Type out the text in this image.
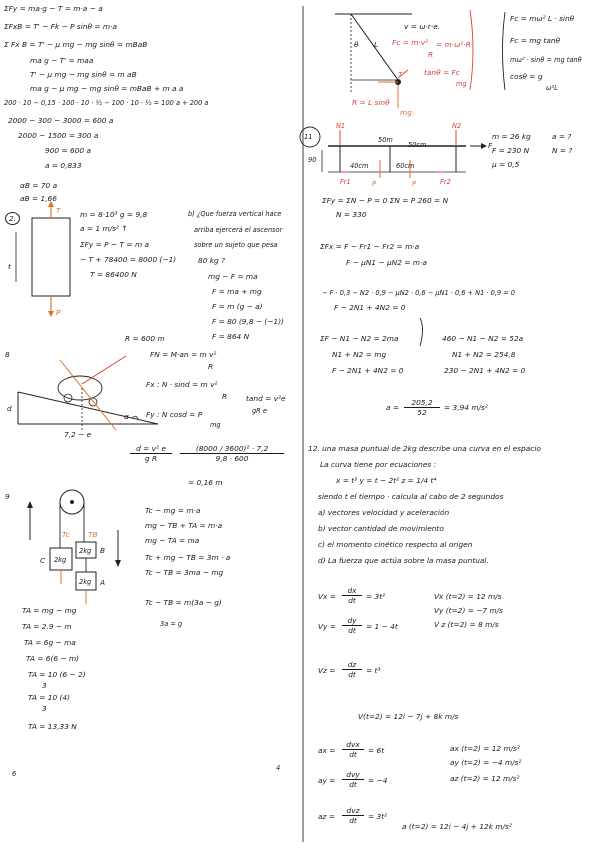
ΣFy = ma·g − T = m·a − a
ΣFxB = T' − Fk − P sinθ = m·a
Σ Fx B = T' − μ mg − mg sinθ = mBaB
ma g − T' = maa
T' − μ mg − mg sinθ = m aB
ma g − μ mg − mg sinθ = mBaB + m a a
200 · 10 − 0,15 · 100 · 10 · ½ − 100 · 10 · ½ = 100 a + 200 a
2000 − 300 − 3000 = 600 a
2000 − 1500 = 300 a
900 = 600 a
a = 0,833
αB = 70 a
aB = 1,66
2.
T
P
t
m = 8·10³ g = 9,8
a = 1 m/s² ↑
ΣFy = P − T = m a
− T + 78400 = 8000 (−1)
T = 86400 N
b) ¿Que fuerza vertical hace
arriba ejercerá el ascensor
sobre un sujeto que pesa
80 kg ?
mg − F = ma
F = ma + mg
F = m (g − a)
F = 80 (9,8 − (−1))
F = 864 N
8
R = 600 m
d
α
7,2 − e
FN = M·an = m v²
R
Fx : N · sind = m v²
R
Fy : N cosd = P
mg
tand = v²e
gR e
$\frac{\text{d = v² e}}{\text{g R}} \frac{\text{(8000 / 3600)² · 7,2}}{9,8 \cdot 600}$
= 0,16 m
9
C
B
A
2kg
2kg
2kg
Tc TB
Tc − mg = m·a
mg − TB + TA = m·a
mg − TA = ma
Tc + mg − TB = 3m · a
Tc − TB = 3ma − mg
Tc − TB = m(3a − g)
3a = g
TA = mg − mg
TA = 2.9 − m
TA = 6g − ma
TA = 6(6 − m)
TA = 10 (6 − 2)
3
TA = 10 (4)
3
TA = 13,33 N
6
v = ω·r·e.
θ L
T
R = L sinθ
mg
Fc = m·v²
R
= m·ω²·R
tanθ = Fc
mg
Fc = mω² L · sinθ
Fc = mg tanθ
mω² · sinθ = mg tanθ
cosθ = g
ω²L
11
N1	N2
F
50m
50cm
40cm	60cm
90
Fr1	Fr2
P	P
m = 26 kg
F = 230 N
μ = 0,5
a = ?
N = ?
ΣFy = ΣN − P = 0 ΣN = P 260 = N
N = 330
ΣFx = F − Fr1 − Fr2 = m·a
F − μN1 − μN2 = m·a
− F · 0,3 − N2 · 0,9 − μN2 · 0,6 − μN1 · 0,6 + N1 · 0,9 = 0
F − 2N1 + 4N2 = 0
ΣF − N1 − N2 = 2ma
N1 + N2 = mg
F − 2N1 + 4N2 = 0
460 − N1 − N2 = 52a
N1 + N2 = 254,8
230 − 2N1 + 4N2 = 0
$a = \frac{205,2}{52} = 3,94$ m/s²
12. una masa puntual de 2kg describe una curva en el espacio
La curva tiene por ecuaciones :
x = t³ y = t − 2t² z = 1/4 t⁴
siendo t el tiempo · calcula al cabo de 2 segundos
a) vectores velocidad y aceleración
b) vector cantidad de movimiento
c) el momento cinético respecto al origen
d) La fuerza que actúa sobre la masa puntual.
$Vx = \frac{dx}{dt} = 3t^2$
$Vy = \frac{dy}{dt} = 1 - 4t$
Vx (t=2) = 12 m/s
Vy (t=2) = −7 m/s
V z (t=2) = 8 m/s
$Vz = \frac{dz}{dt} = t^3$
V(t=2) = 12i − 7j + 8k m/s
ax =
dvx
dt	= 6t
ay =
dvy
dt	= −4
ax (t=2) = 12 m/s²
ay (t=2) = −4 m/s²
az (t=2) = 12 m/s²
az =
dvz
dt	= 3t²
a (t=2) = 12i − 4j + 12k m/s²
4
